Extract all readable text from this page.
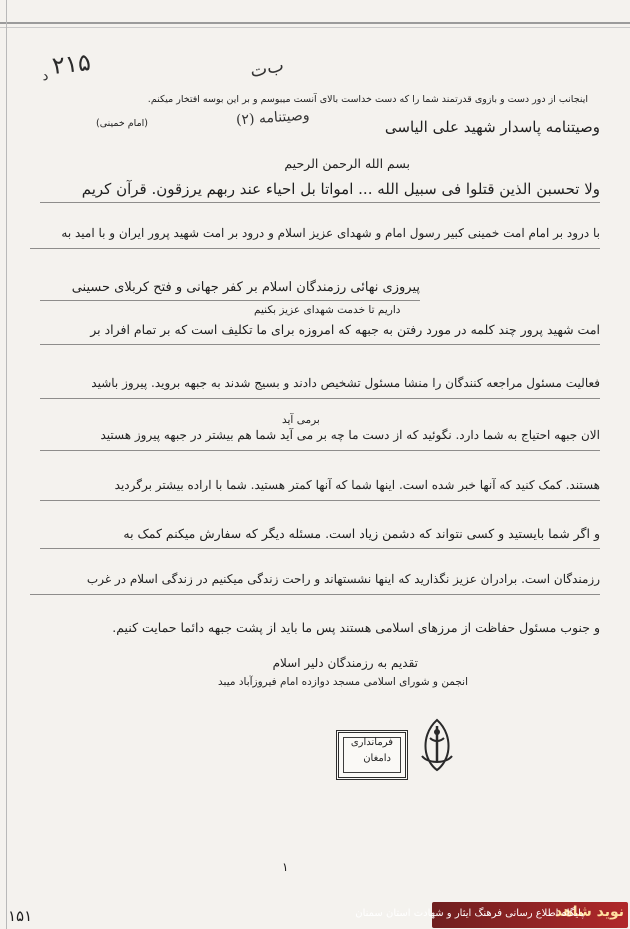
۲۱۵
د	ب‌ت
اینجانب از دور دست و بازوی قدرتمند شما را که دست خداست بالای آنست میبوسم و بر این بوسه افتخار میکنم.
(امام خمینی)	وصیتنامه پاسدار شهید علی الیاسی
وصیتنامه (۲)
بسم الله الرحمن الرحیم
ولا تحسبن الذین قتلوا فی سبیل الله ... امواتا بل احیاء عند ربهم یرزقون. قرآن کریم
با درود بر امام امت خمینی کبیر رسول امام و شهدای عزیز اسلام و درود بر امت شهید پرور ایران و با امید به
پیروزی نهائی رزمندگان اسلام بر کفر جهانی و فتح کربلای حسینی
داریم تا خدمت شهدای عزیز بکنیم
امت شهید پرور چند کلمه در مورد رفتن به جبهه که امروزه برای ما تکلیف است که بر تمام افراد بر
فعالیت مسئول مراجعه کنندگان را منشا مسئول تشخیص دادند و بسیج شدند به جبهه بروید. پیروز باشید
برمی آید
الان جبهه احتیاج به شما دارد. نگوئید که از دست ما چه بر می آید شما هم بیشتر در جبهه پیروز هستید
هستند. کمک کنید که آنها خبر شده است. اینها شما که آنها کمتر هستید. شما با اراده بیشتر برگردید
و اگر شما بایستید و کسی نتواند که دشمن زیاد است. مسئله دیگر که سفارش میکنم کمک به
رزمندگان است. برادران عزیز نگذارید که اینها نشستهاند و راحت زندگی میکنیم در زندگی اسلام در غرب
و جنوب مسئول حفاظت از مرزهای اسلامی هستند پس ما باید از پشت جبهه دائما حمایت کنیم.
تقدیم به رزمندگان دلیر اسلام
انجمن و شورای اسلامی مسجد دوازده امام فیروزآباد میبد
فرمانداری
دامغان
۱
۱۵۱	نوید شاهد
پایگاه اطلاع رسانی فرهنگ ایثار و شهادت استان سمنان
